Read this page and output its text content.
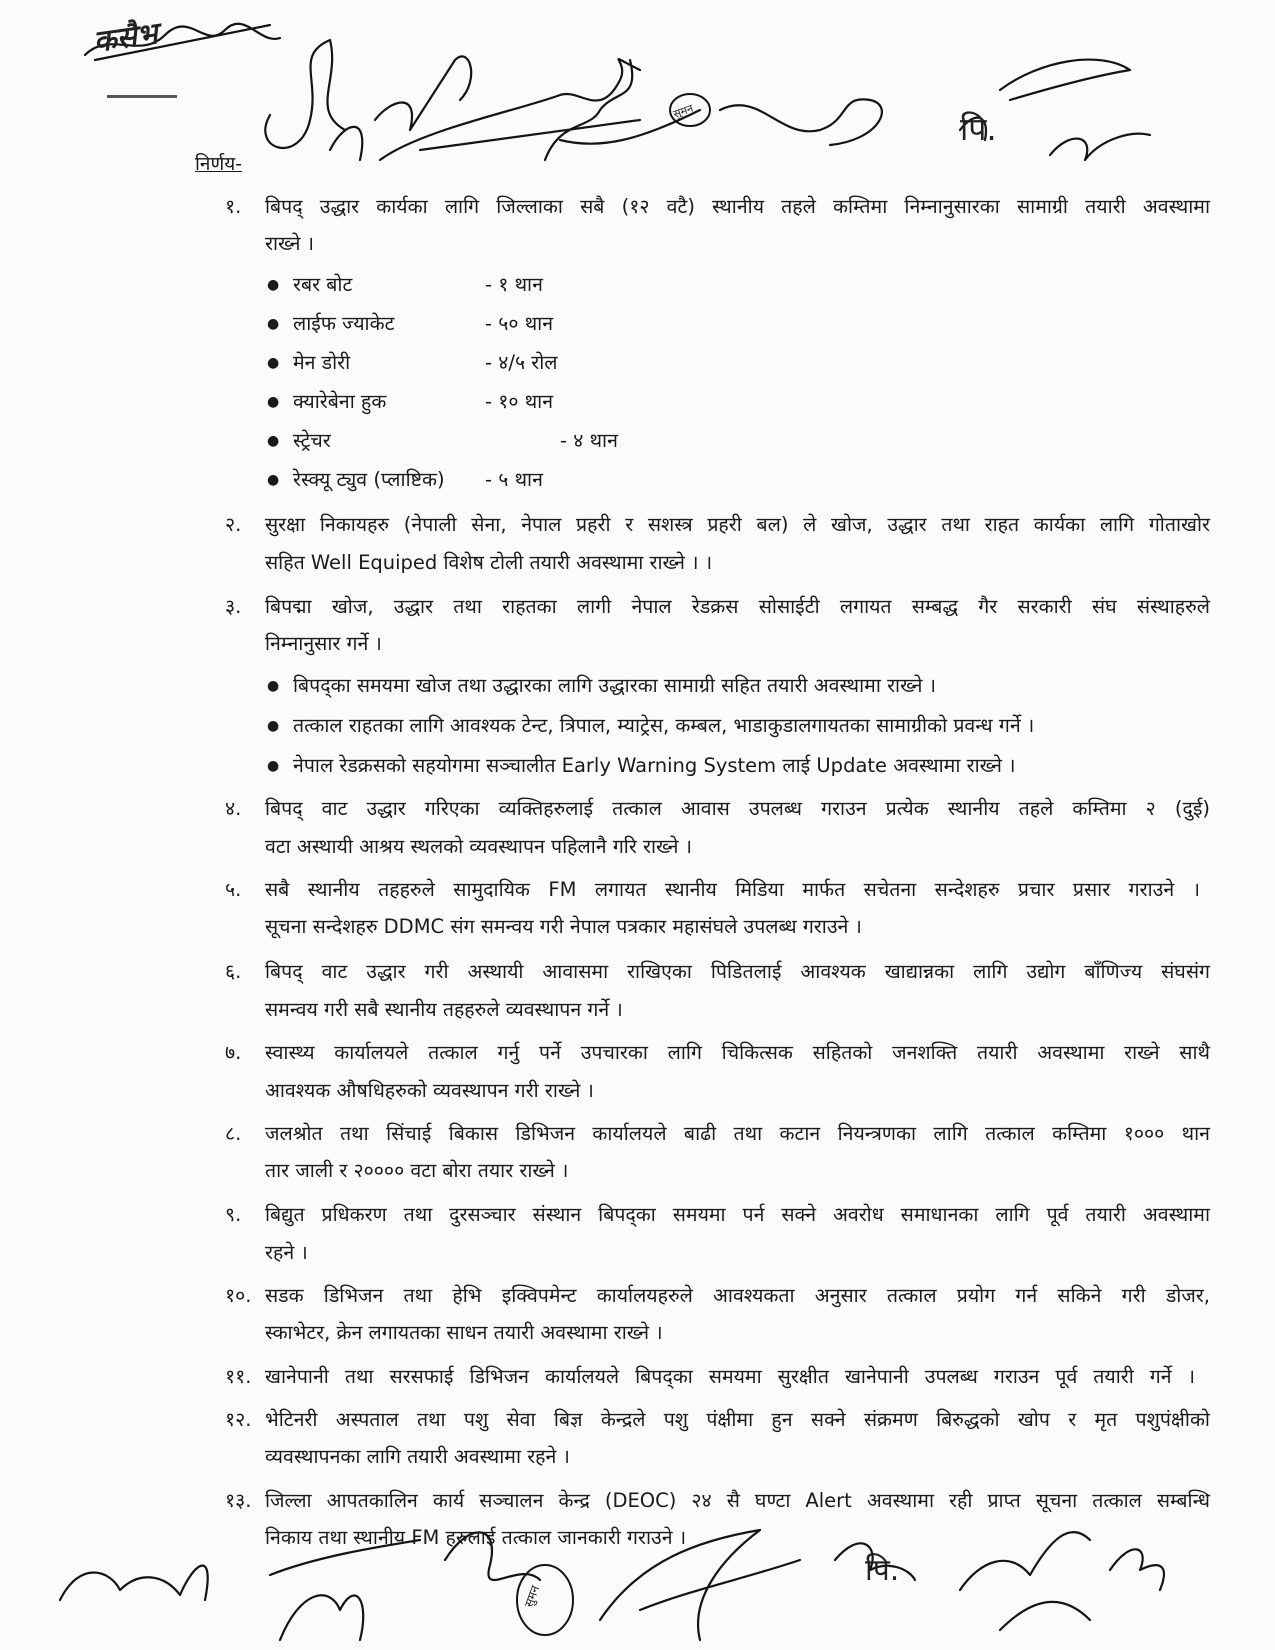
कसैभ
पि.
सुमन
पि.
सुमन
निर्णय-
१. बिपद् उद्धार कार्यका लागि जिल्लाका सबै (१२ वटै) स्थानीय तहले कम्तिमा निम्नानुसारका सामाग्री तयारी अवस्थामा
राख्ने ।
● रबर बोट	- १ थान
● लाईफ ज्याकेट	- ५० थान
● मेन डोरी	- ४/५ रोल
● क्यारेबेना हुक	- १० थान
● स्ट्रेचर	- ४ थान
● रेस्क्यू ट्युव (प्लाष्टिक) - ५ थान
२. सुरक्षा निकायहरु (नेपाली सेना, नेपाल प्रहरी र सशस्त्र प्रहरी बल) ले खोज, उद्धार तथा राहत कार्यका लागि गोताखोर
सहित Well Equiped विशेष टोली तयारी अवस्थामा राख्ने । ।
३. बिपद्मा खोज, उद्धार तथा राहतका लागी नेपाल रेडक्रस सोसाईटी लगायत सम्बद्ध गैर सरकारी संघ संस्थाहरुले
निम्नानुसार गर्ने ।
● बिपद्का समयमा खोज तथा उद्धारका लागि उद्धारका सामाग्री सहित तयारी अवस्थामा राख्ने ।
● तत्काल राहतका लागि आवश्यक टेन्ट, त्रिपाल, म्याट्रेस, कम्बल, भाडाकुडालगायतका सामाग्रीको प्रवन्ध गर्ने ।
● नेपाल रेडक्रसको सहयोगमा सञ्चालीत Early Warning System लाई Update अवस्थामा राख्ने ।
४. बिपद् वाट उद्धार गरिएका व्यक्तिहरुलाई तत्काल आवास उपलब्ध गराउन प्रत्येक स्थानीय तहले कम्तिमा २ (दुई)
वटा अस्थायी आश्रय स्थलको व्यवस्थापन पहिलानै गरि राख्ने ।
५. सबै स्थानीय तहहरुले सामुदायिक FM लगायत स्थानीय मिडिया मार्फत सचेतना सन्देशहरु प्रचार प्रसार गराउने ।
सूचना सन्देशहरु DDMC संग समन्वय गरी नेपाल पत्रकार महासंघले उपलब्ध गराउने ।
६. बिपद् वाट उद्धार गरी अस्थायी आवासमा राखिएका पिडितलाई आवश्यक खाद्यान्नका लागि उद्योग बाँणिज्य संघसंग
समन्वय गरी सबै स्थानीय तहहरुले व्यवस्थापन गर्ने ।
७. स्वास्थ्य कार्यालयले तत्काल गर्नु पर्ने उपचारका लागि चिकित्सक सहितको जनशक्ति तयारी अवस्थामा राख्ने साथै
आवश्यक औषधिहरुको व्यवस्थापन गरी राख्ने ।
८. जलश्रोत तथा सिंचाई बिकास डिभिजन कार्यालयले बाढी तथा कटान नियन्त्रणका लागि तत्काल कम्तिमा १००० थान
तार जाली र २०००० वटा बोरा तयार राख्ने ।
९. बिद्युत प्रधिकरण तथा दुरसञ्चार संस्थान बिपद्का समयमा पर्न सक्ने अवरोध समाधानका लागि पूर्व तयारी अवस्थामा
रहने ।
१०. सडक डिभिजन तथा हेभि इक्विपमेन्ट कार्यालयहरुले आवश्यकता अनुसार तत्काल प्रयोग गर्न सकिने गरी डोजर,
स्काभेटर, क्रेन लगायतका साधन तयारी अवस्थामा राख्ने ।
११. खानेपानी तथा सरसफाई डिभिजन कार्यालयले बिपद्का समयमा सुरक्षीत खानेपानी उपलब्ध गराउन पूर्व तयारी गर्ने ।
१२. भेटिनरी अस्पताल तथा पशु सेवा बिज्ञ केन्द्रले पशु पंक्षीमा हुन सक्ने संक्रमण बिरुद्धको खोप र मृत पशुपंक्षीको
व्यवस्थापनका लागि तयारी अवस्थामा रहने ।
१३. जिल्ला आपतकालिन कार्य सञ्चालन केन्द्र (DEOC) २४ सै घण्टा Alert अवस्थामा रही प्राप्त सूचना तत्काल सम्बन्धि
निकाय तथा स्थानीय FM हरुलाई तत्काल जानकारी गराउने ।
